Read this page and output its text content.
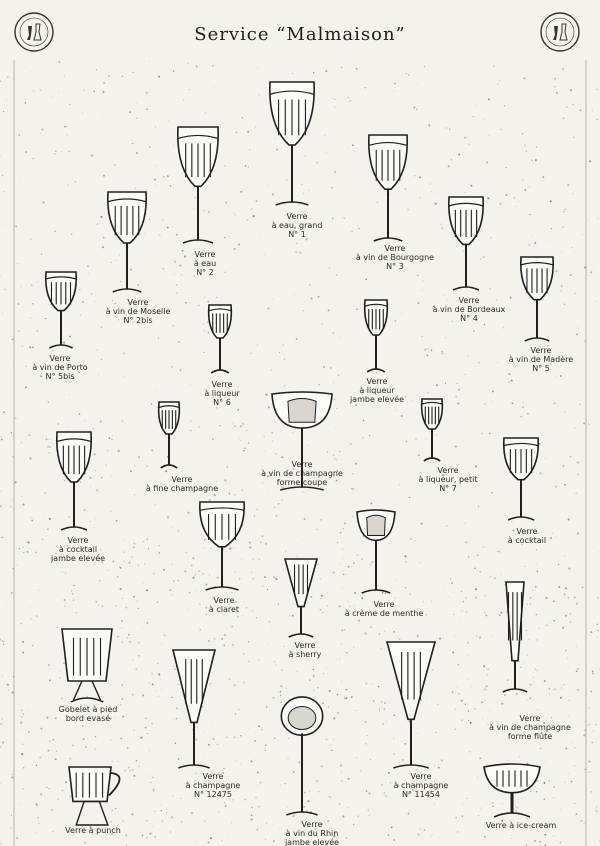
Service “Malmaison”
Verre
à eau, grand
N° 1
Verre
à eau
N° 2
Verre
à vin de Bourgogne
N° 3
Verre
à vin de Moselle
N° 2bis
Verre
à vin de Bordeaux
N° 4
Verre
à vin de Porto
N° 5bis
Verre
à vin de Madère
N° 5
Verre
à liqueur
N° 6
Verre
à liqueur
jambe elevée
Verre
à fine champagne
Verre
à vin de champagne
forme coupe
Verre
à liqueur, petit
N° 7
Verre
à cocktail
jambe elevée
Verre
à cocktail
Verre
à claret
Verre
à crème de menthe
Verre
à sherry
Verre
à vin de champagne
forme flûte
Gobelet à pied
bord evasé
Verre
à champagne
N° 12475
Verre
à champagne
N° 11454
Verre
à vin du Rhin
jambe elevée
Verre à punch
Verre à ice-cream
